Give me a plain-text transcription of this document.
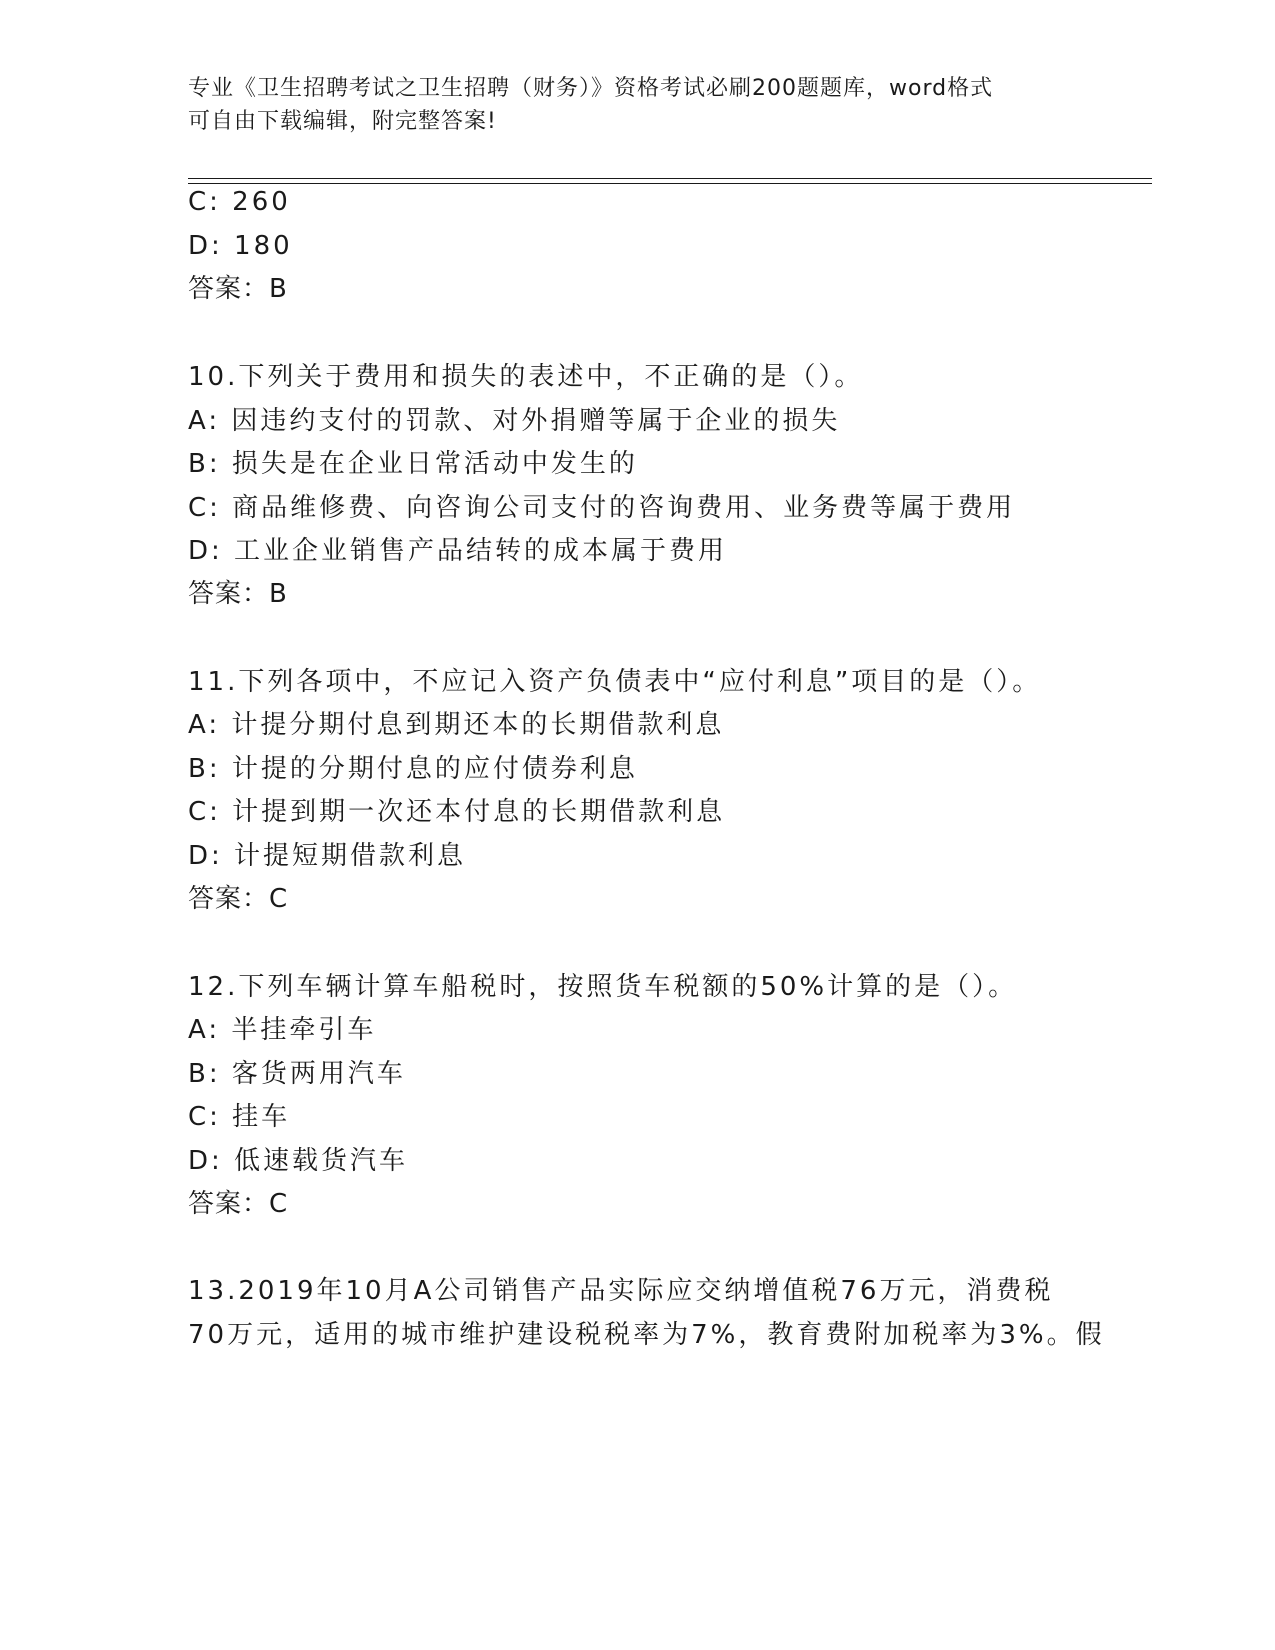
专业《卫生招聘考试之卫生招聘（财务）》资格考试必刷200题题库，word格式
可自由下载编辑，附完整答案!
C: 260
D: 180
答案：B
10.下列关于费用和损失的表述中，不正确的是（）。
A: 因违约支付的罚款、对外捐赠等属于企业的损失
B: 损失是在企业日常活动中发生的
C: 商品维修费、向咨询公司支付的咨询费用、业务费等属于费用
D: 工业企业销售产品结转的成本属于费用
答案：B
11.下列各项中，不应记入资产负债表中“应付利息”项目的是（）。
A: 计提分期付息到期还本的长期借款利息
B: 计提的分期付息的应付债券利息
C: 计提到期一次还本付息的长期借款利息
D: 计提短期借款利息
答案：C
12.下列车辆计算车船税时，按照货车税额的50%计算的是（）。
A: 半挂牵引车
B: 客货两用汽车
C: 挂车
D: 低速载货汽车
答案：C
13.2019年10月A公司销售产品实际应交纳增值税76万元，消费税
70万元，适用的城市维护建设税税率为7%，教育费附加税率为3%。假
